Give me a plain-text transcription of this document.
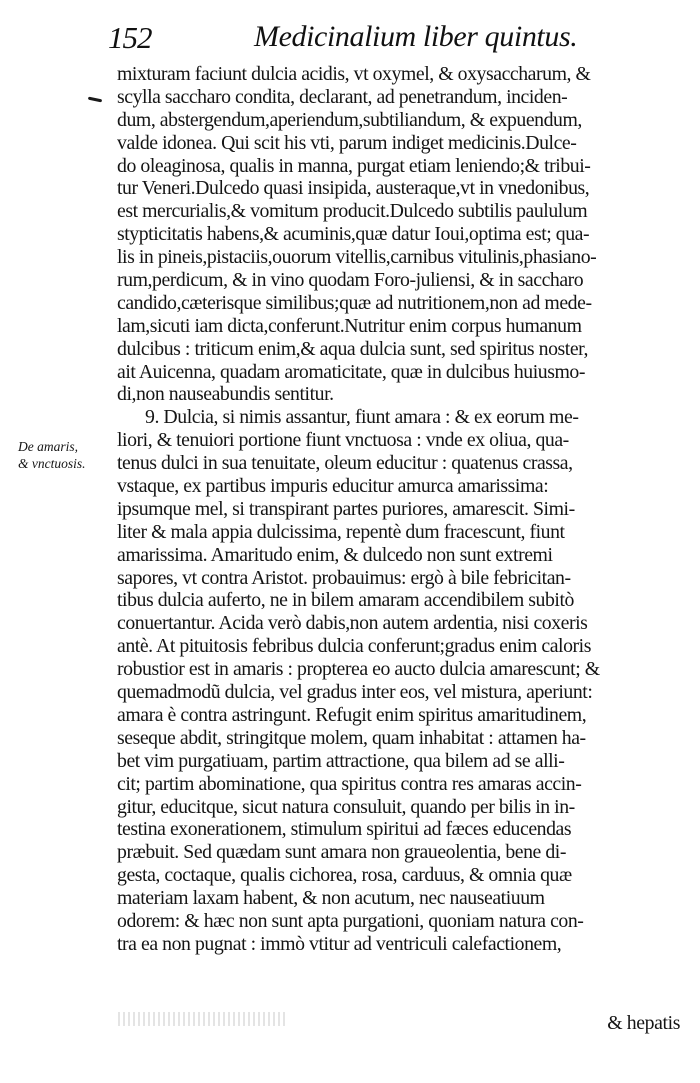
152	Medicinalium liber quintus.
De amaris,
& vnctuosis.
mixturam faciunt dulcia acidis, vt oxymel, & oxysaccharum, &
scylla saccharo condita, declarant, ad penetrandum, inciden-
dum, abstergendum,aperiendum,subtiliandum, & expuendum,
valde idonea. Qui scit his vti, parum indiget medicinis.Dulce-
do oleaginosa, qualis in manna, purgat etiam leniendo;& tribui-
tur Veneri.Dulcedo quasi insipida, austeraque,vt in vnedonibus,
est mercurialis,& vomitum producit.Dulcedo subtilis paululum
stypticitatis habens,& acuminis,quæ datur Ioui,optima est; qua-
lis in pineis,pistaciis,ouorum vitellis,carnibus vitulinis,phasiano-
rum,perdicum, & in vino quodam Foro-juliensi, & in saccharo
candido,cæterisque similibus;quæ ad nutritionem,non ad mede-
lam,sicuti iam dicta,conferunt.Nutritur enim corpus humanum
dulcibus : triticum enim,& aqua dulcia sunt, sed spiritus noster,
ait Auicenna, quadam aromaticitate, quæ in dulcibus huiusmo-
di,non nauseabundis sentitur.
9. Dulcia, si nimis assantur, fiunt amara : & ex eorum me-
liori, & tenuiori portione fiunt vnctuosa : vnde ex oliua, qua-
tenus dulci in sua tenuitate, oleum educitur : quatenus crassa,
vstaque, ex partibus impuris educitur amurca amarissima:
ipsumque mel, si transpirant partes puriores, amarescit. Simi-
liter & mala appia dulcissima, repentè dum fracescunt, fiunt
amarissima. Amaritudo enim, & dulcedo non sunt extremi
sapores, vt contra Aristot. probauimus: ergò à bile febricitan-
tibus dulcia auferto, ne in bilem amaram accendibilem subitò
conuertantur. Acida verò dabis,non autem ardentia, nisi coxeris
antè. At pituitosis febribus dulcia conferunt;gradus enim caloris
robustior est in amaris : propterea eo aucto dulcia amarescunt; &
quemadmodũ dulcia, vel gradus inter eos, vel mistura, aperiunt:
amara è contra astringunt. Refugit enim spiritus amaritudinem,
seseque abdit, stringitque molem, quam inhabitat : attamen ha-
bet vim purgatiuam, partim attractione, qua bilem ad se alli-
cit; partim abominatione, qua spiritus contra res amaras accin-
gitur, educitque, sicut natura consuluit, quando per bilis in in-
testina exonerationem, stimulum spiritui ad fæces educendas
præbuit. Sed quædam sunt amara non graueolentia, bene di-
gesta, coctaque, qualis cichorea, rosa, carduus, & omnia quæ
materiam laxam habent, & non acutum, nec nauseatiuum
odorem: & hæc non sunt apta purgationi, quoniam natura con-
tra ea non pugnat : immò vtitur ad ventriculi calefactionem,
& hepatis
